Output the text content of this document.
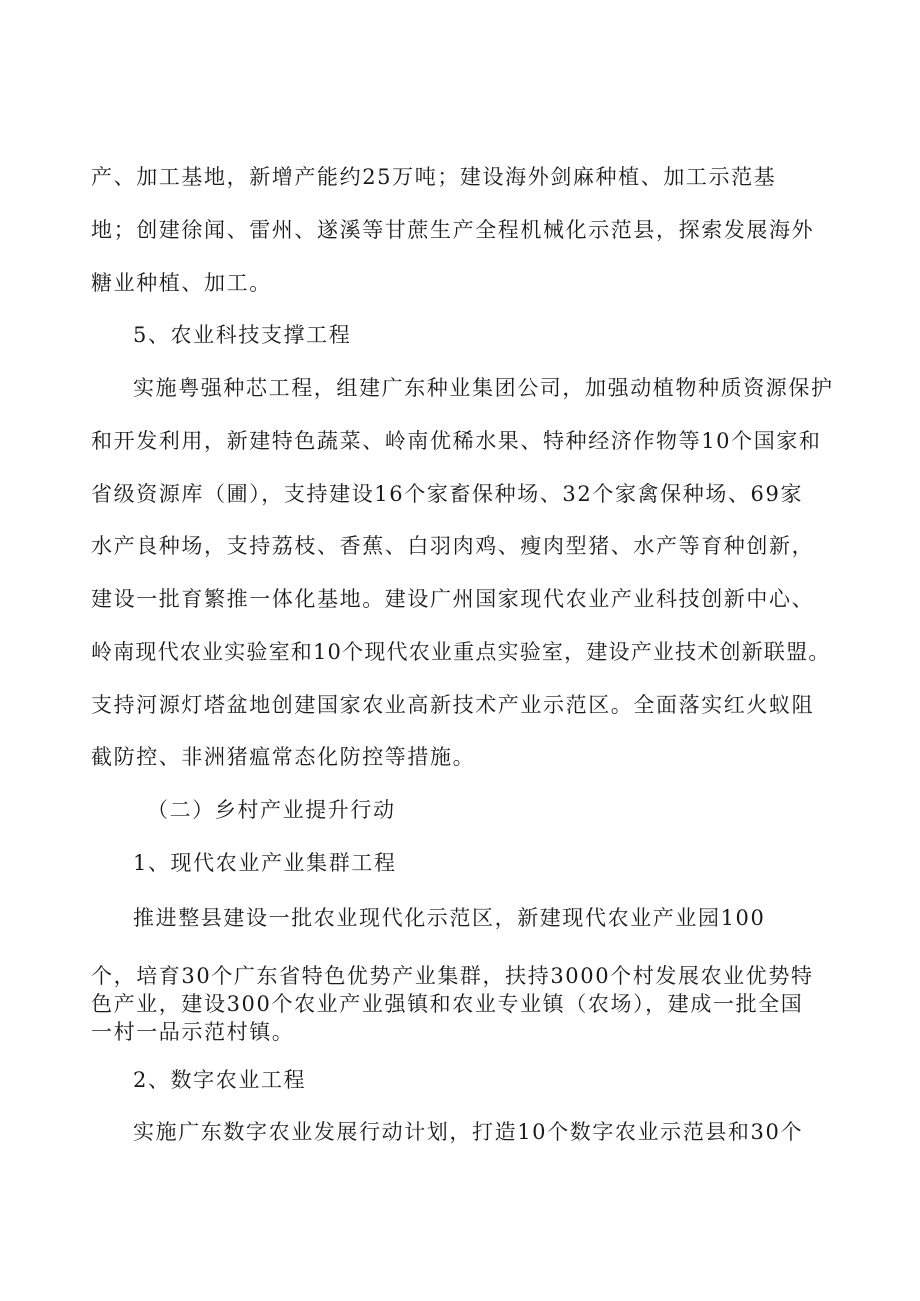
产、加工基地，新增产能约25万吨；建设海外剑麻种植、加工示范基
地；创建徐闻、雷州、遂溪等甘蔗生产全程机械化示范县，探索发展海外
糖业种植、加工。
5、农业科技支撑工程
实施粤强种芯工程，组建广东种业集团公司，加强动植物种质资源保护
和开发利用，新建特色蔬菜、岭南优稀水果、特种经济作物等10个国家和
省级资源库（圃），支持建设16个家畜保种场、32个家禽保种场、69家
水产良种场，支持荔枝、香蕉、白羽肉鸡、瘦肉型猪、水产等育种创新，
建设一批育繁推一体化基地。建设广州国家现代农业产业科技创新中心、
岭南现代农业实验室和10个现代农业重点实验室，建设产业技术创新联盟。
支持河源灯塔盆地创建国家农业高新技术产业示范区。全面落实红火蚁阻
截防控、非洲猪瘟常态化防控等措施。
（二）乡村产业提升行动
1、现代农业产业集群工程
推进整县建设一批农业现代化示范区，新建现代农业产业园100
个，培育30个广东省特色优势产业集群，扶持3000个村发展农业优势特
色产业，建设300个农业产业强镇和农业专业镇（农场），建成一批全国
一村一品示范村镇。
2、数字农业工程
实施广东数字农业发展行动计划，打造10个数字农业示范县和30个
